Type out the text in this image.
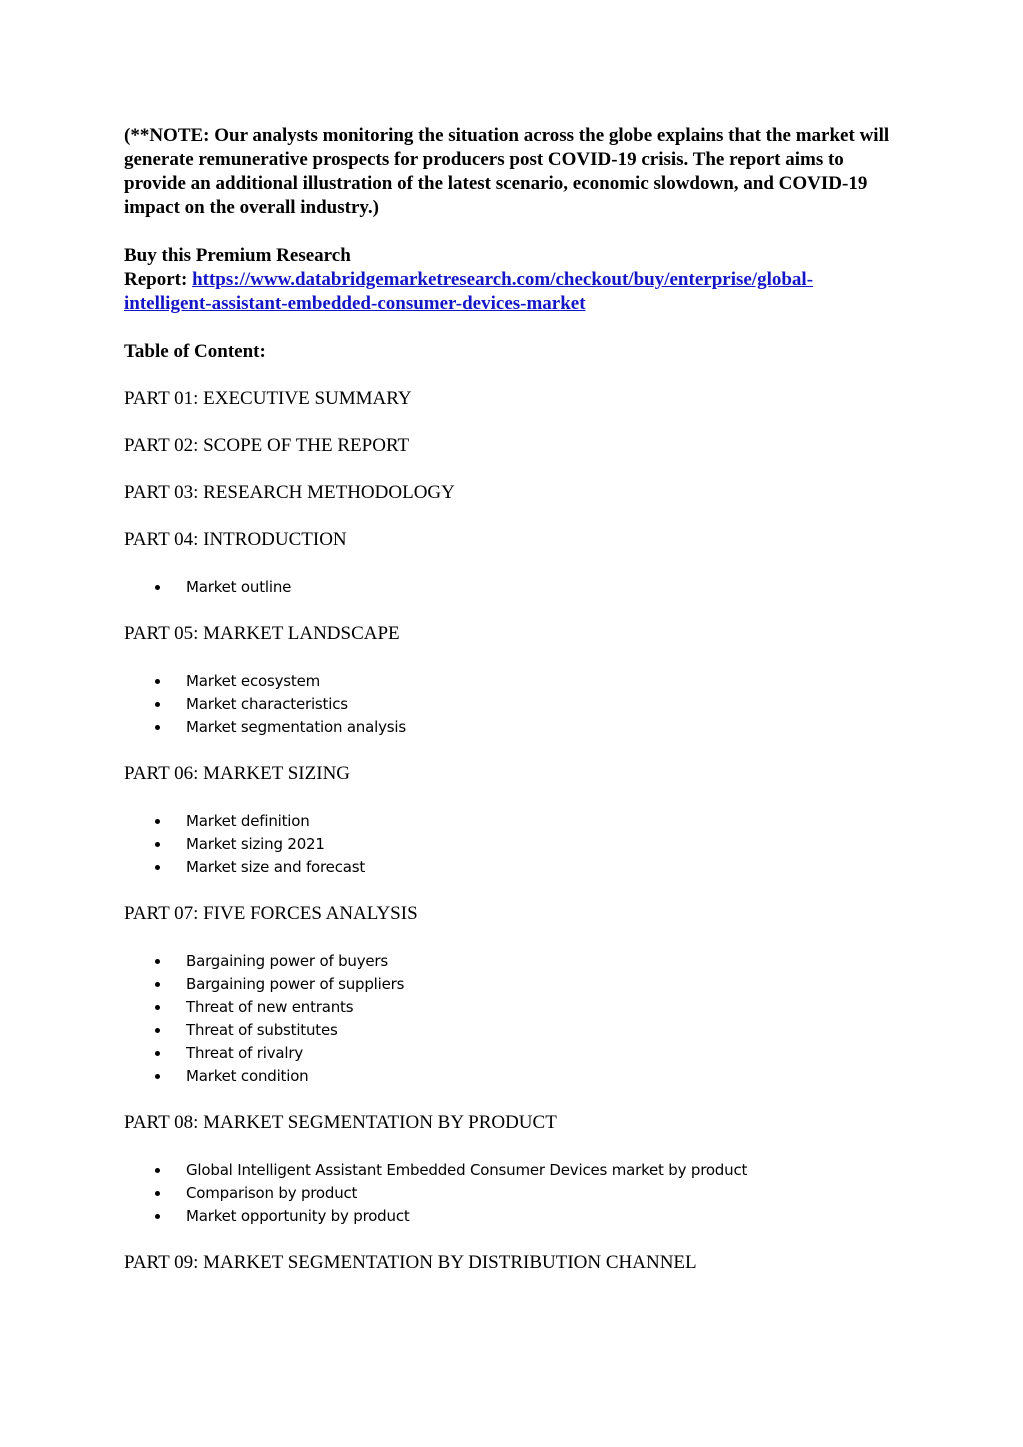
(**NOTE: Our analysts monitoring the situation across the globe explains that the market will generate remunerative prospects for producers post COVID-19 crisis. The report aims to provide an additional illustration of the latest scenario, economic slowdown, and COVID-19 impact on the overall industry.)

Buy this Premium Research
Report: https://www.databridgemarketresearch.com/checkout/buy/enterprise/global-
intelligent-assistant-embedded-consumer-devices-market

Table of Content:

PART 01: EXECUTIVE SUMMARY

PART 02: SCOPE OF THE REPORT

PART 03: RESEARCH METHODOLOGY

PART 04: INTRODUCTION

Market outline

PART 05: MARKET LANDSCAPE

Market ecosystem
Market characteristics
Market segmentation analysis

PART 06: MARKET SIZING

Market definition
Market sizing 2021
Market size and forecast

PART 07: FIVE FORCES ANALYSIS

Bargaining power of buyers
Bargaining power of suppliers
Threat of new entrants
Threat of substitutes
Threat of rivalry
Market condition

PART 08: MARKET SEGMENTATION BY PRODUCT

Global Intelligent Assistant Embedded Consumer Devices market by product
Comparison by product
Market opportunity by product

PART 09: MARKET SEGMENTATION BY DISTRIBUTION CHANNEL
